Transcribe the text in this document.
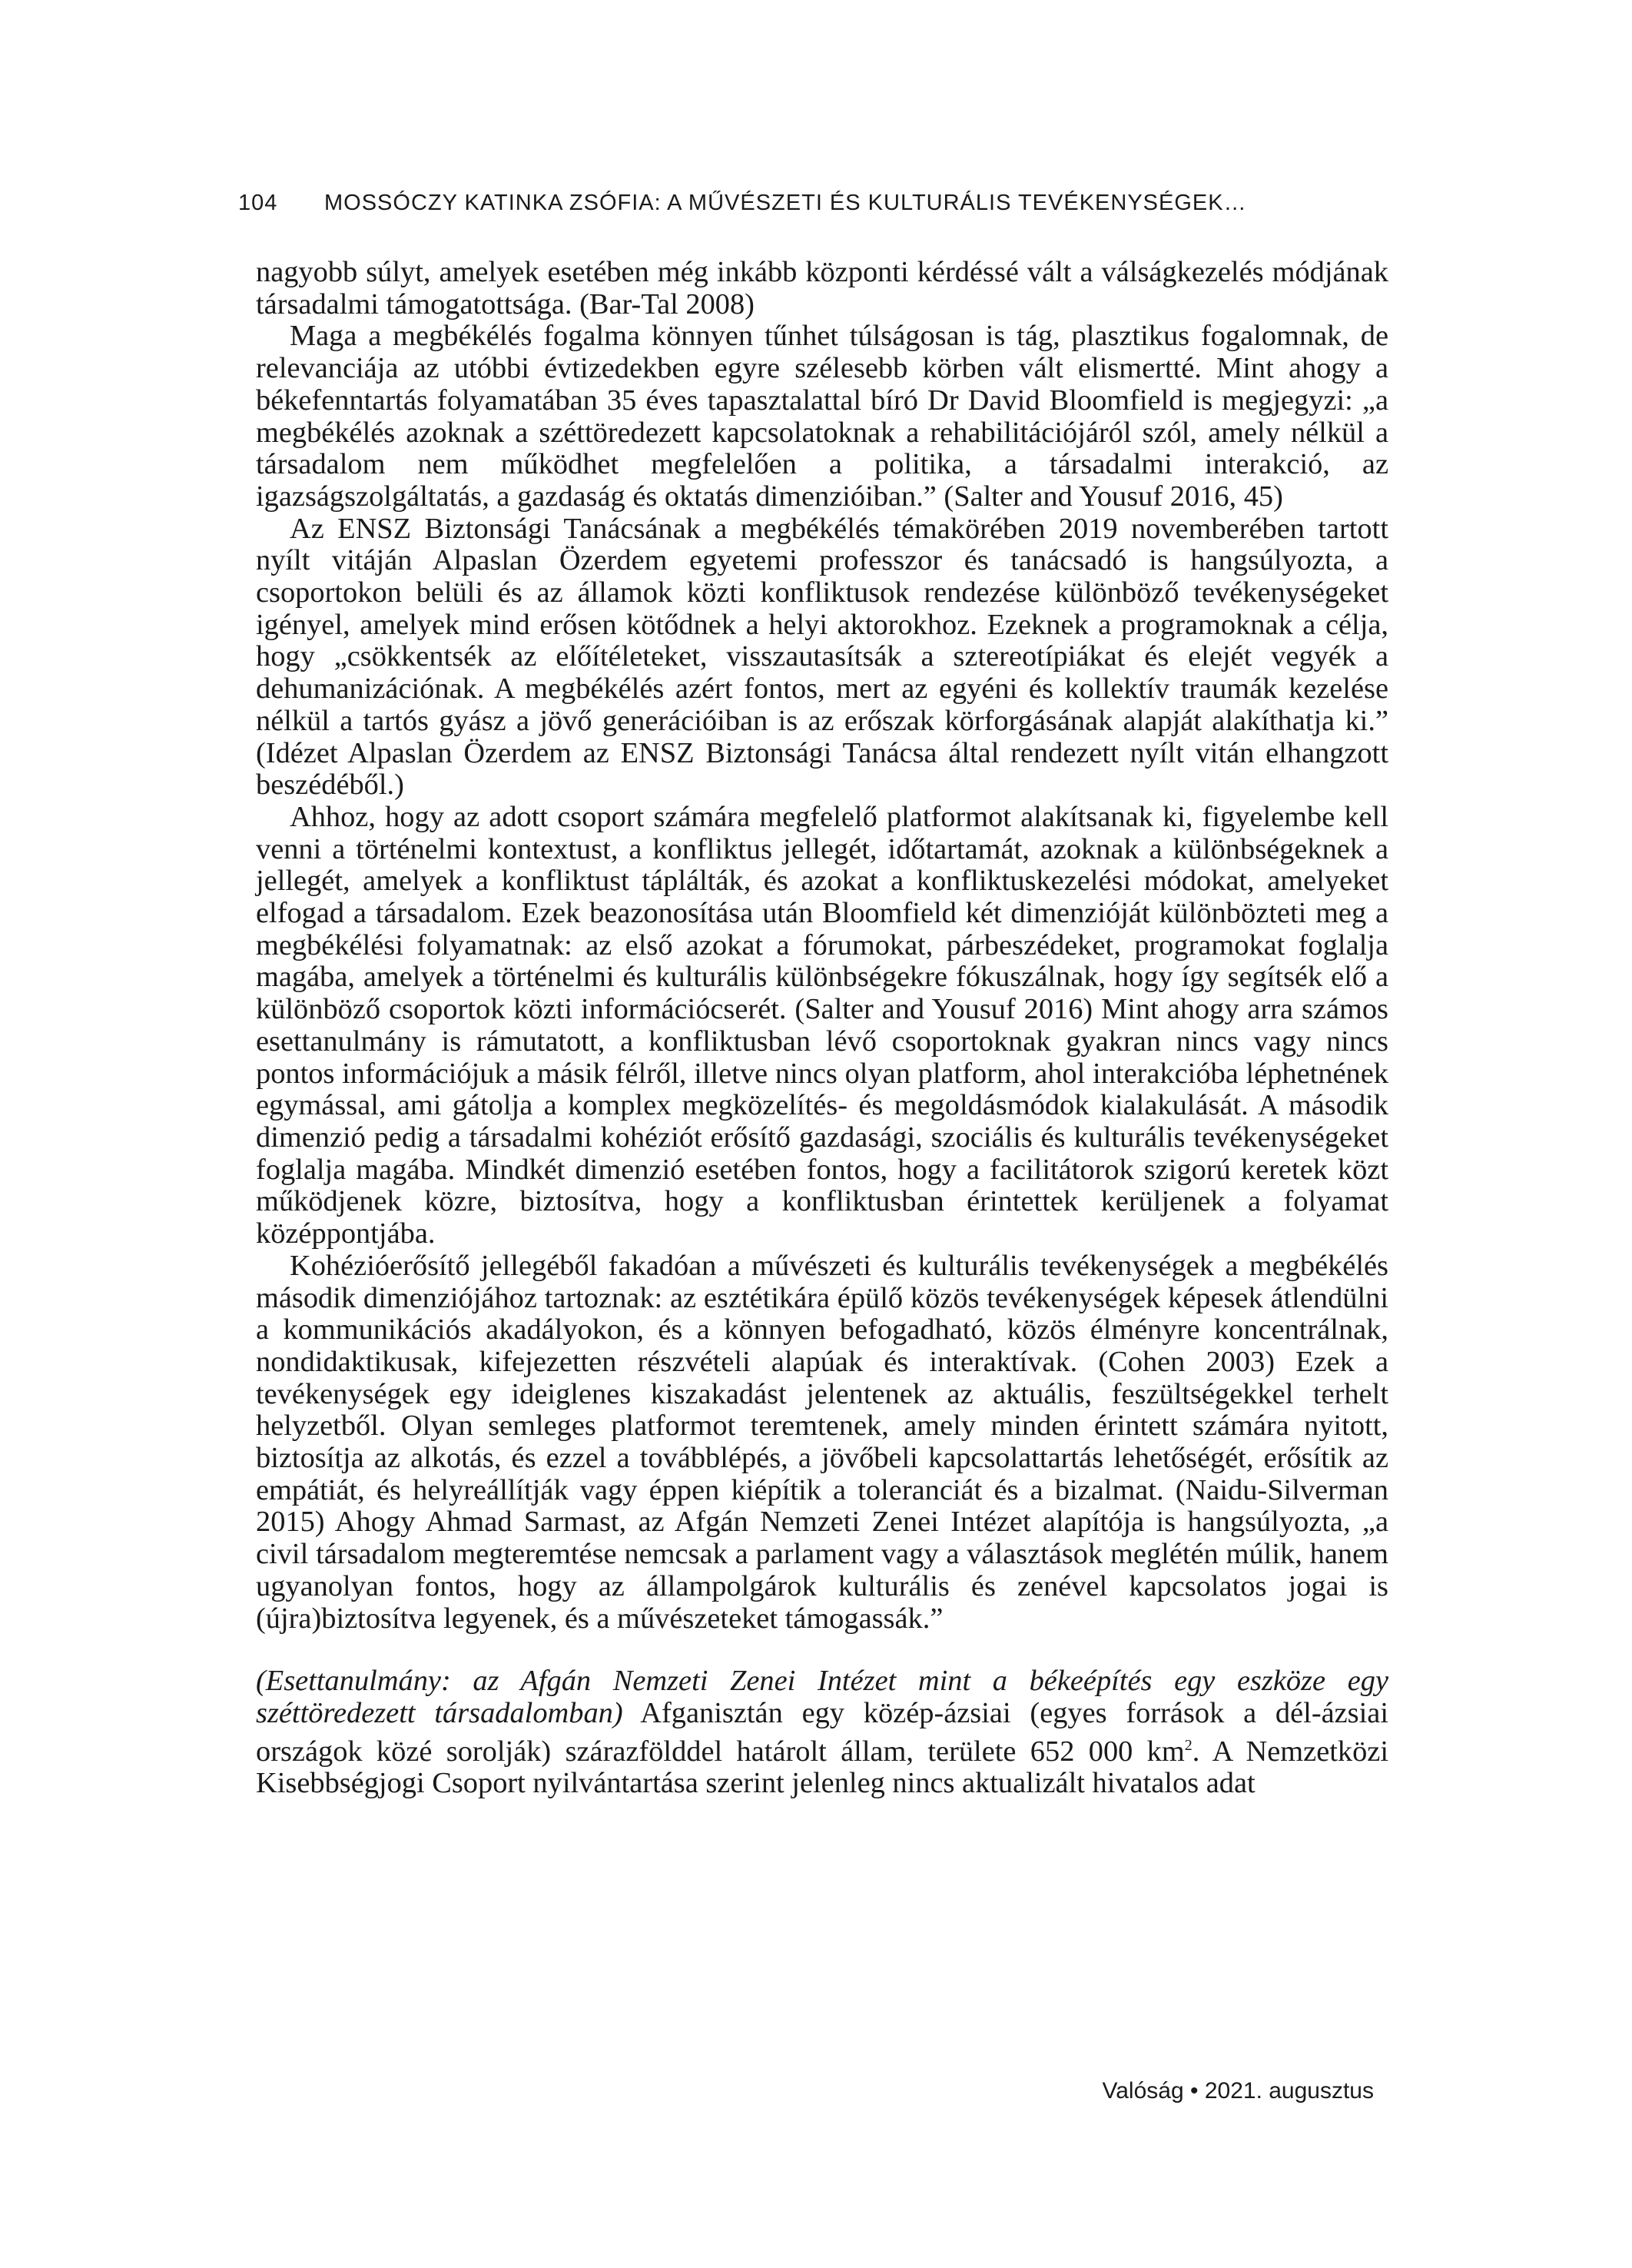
104 MOSSÓCZY KATINKA ZSÓFIA: A MŰVÉSZETI ÉS KULTURÁLIS TEVÉKENYSÉGEK…

nagyobb súlyt, amelyek esetében még inkább központi kérdéssé vált a válságkezelés módjának társadalmi támogatottsága. (Bar-Tal 2008)

Maga a megbékélés fogalma könnyen tűnhet túlságosan is tág, plasztikus fogalomnak, de relevanciája az utóbbi évtizedekben egyre szélesebb körben vált elismertté. Mint ahogy a békefenntartás folyamatában 35 éves tapasztalattal bíró Dr David Bloomfield is megjegyzi: „a megbékélés azoknak a széttöredezett kapcsolatoknak a rehabilitációjáról szól, amely nélkül a társadalom nem működhet megfelelően a politika, a társadalmi interakció, az igazságszolgáltatás, a gazdaság és oktatás dimenzióiban.” (Salter and Yousuf 2016, 45)

Az ENSZ Biztonsági Tanácsának a megbékélés témakörében 2019 novemberében tartott nyílt vitáján Alpaslan Özerdem egyetemi professzor és tanácsadó is hangsúlyozta, a csoportokon belüli és az államok közti konfliktusok rendezése különböző tevékenységeket igényel, amelyek mind erősen kötődnek a helyi aktorokhoz. Ezeknek a programoknak a célja, hogy „csökkentsék az előítéleteket, visszautasítsák a sztereotípiákat és elejét vegyék a dehumanizációnak. A megbékélés azért fontos, mert az egyéni és kollektív traumák kezelése nélkül a tartós gyász a jövő generációiban is az erőszak körforgásának alapját alakíthatja ki.” (Idézet Alpaslan Özerdem az ENSZ Biztonsági Tanácsa által rendezett nyílt vitán elhangzott beszédéből.)

Ahhoz, hogy az adott csoport számára megfelelő platformot alakítsanak ki, figyelembe kell venni a történelmi kontextust, a konfliktus jellegét, időtartamát, azoknak a különbségeknek a jellegét, amelyek a konfliktust táplálták, és azokat a konfliktuskezelési módokat, amelyeket elfogad a társadalom. Ezek beazonosítása után Bloomfield két dimenzióját különbözteti meg a megbékélési folyamatnak: az első azokat a fórumokat, párbeszédeket, programokat foglalja magába, amelyek a történelmi és kulturális különbségekre fókuszálnak, hogy így segítsék elő a különböző csoportok közti információcserét. (Salter and Yousuf 2016) Mint ahogy arra számos esettanulmány is rámutatott, a konfliktusban lévő csoportoknak gyakran nincs vagy nincs pontos információjuk a másik félről, illetve nincs olyan platform, ahol interakcióba léphetnének egymással, ami gátolja a komplex megközelítés- és megoldásmódok kialakulását. A második dimenzió pedig a társadalmi kohéziót erősítő gazdasági, szociális és kulturális tevékenységeket foglalja magába. Mindkét dimenzió esetében fontos, hogy a facilitátorok szigorú keretek közt működjenek közre, biztosítva, hogy a konfliktusban érintettek kerüljenek a folyamat középpontjába.

Kohézióerősítő jellegéből fakadóan a művészeti és kulturális tevékenységek a megbékélés második dimenziójához tartoznak: az esztétikára épülő közös tevékenységek képesek átlendülni a kommunikációs akadályokon, és a könnyen befogadható, közös élményre koncentrálnak, nondidaktikusak, kifejezetten részvételi alapúak és interaktívak. (Cohen 2003) Ezek a tevékenységek egy ideiglenes kiszakadást jelentenek az aktuális, feszültségekkel terhelt helyzetből. Olyan semleges platformot teremtenek, amely minden érintett számára nyitott, biztosítja az alkotás, és ezzel a továbblépés, a jövőbeli kapcsolattartás lehetőségét, erősítik az empátiát, és helyreállítják vagy éppen kiépítik a toleranciát és a bizalmat. (Naidu-Silverman 2015) Ahogy Ahmad Sarmast, az Afgán Nemzeti Zenei Intézet alapítója is hangsúlyozta, „a civil társadalom megteremtése nemcsak a parlament vagy a választások meglétén múlik, hanem ugyanolyan fontos, hogy az állampolgárok kulturális és zenével kapcsolatos jogai is (újra)biztosítva legyenek, és a művészeteket támogassák.”

(Esettanulmány: az Afgán Nemzeti Zenei Intézet mint a békeépítés egy eszköze egy széttöredezett társadalomban) Afganisztán egy közép-ázsiai (egyes források a dél-ázsiai országok közé sorolják) szárazfölddel határolt állam, területe 652 000 $km^2$. A Nemzetközi Kisebbségjogi Csoport nyilvántartása szerint jelenleg nincs aktualizált hivatalos adat

Valóság • 2021. augusztus
